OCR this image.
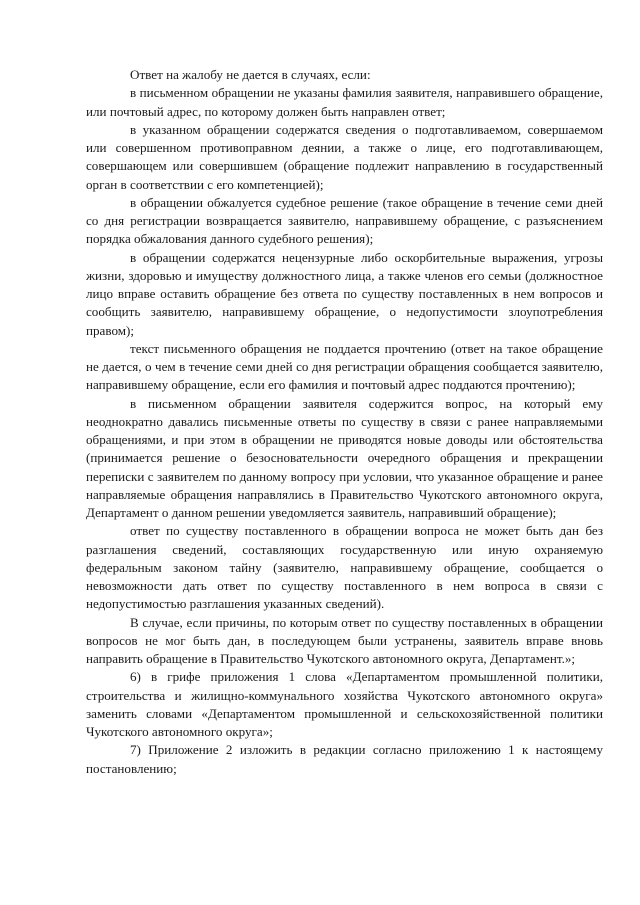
Ответ на жалобу не дается в случаях, если:

в письменном обращении не указаны фамилия заявителя, направившего обращение, или почтовый адрес, по которому должен быть направлен ответ;

в указанном обращении содержатся сведения о подготавливаемом, совершаемом или совершенном противоправном деянии, а также о лице, его подготавливающем, совершающем или совершившем (обращение подлежит направлению в государственный орган в соответствии с его компетенцией);

в обращении обжалуется судебное решение (такое обращение в течение семи дней со дня регистрации возвращается заявителю, направившему обращение, с разъяснением порядка обжалования данного судебного решения);

в обращении содержатся нецензурные либо оскорбительные выражения, угрозы жизни, здоровью и имуществу должностного лица, а также членов его семьи (должностное лицо вправе оставить обращение без ответа по существу поставленных в нем вопросов и сообщить заявителю, направившему обращение, о недопустимости злоупотребления правом);

текст письменного обращения не поддается прочтению (ответ на такое обращение не дается, о чем в течение семи дней со дня регистрации обращения сообщается заявителю, направившему обращение, если его фамилия и почтовый адрес поддаются прочтению);

в письменном обращении заявителя содержится вопрос, на который ему неоднократно давались письменные ответы по существу в связи с ранее направляемыми обращениями, и при этом в обращении не приводятся новые доводы или обстоятельства (принимается решение о безосновательности очередного обращения и прекращении переписки с заявителем по данному вопросу при условии, что указанное обращение и ранее направляемые обращения направлялись в Правительство Чукотского автономного округа, Департамент о данном решении уведомляется заявитель, направивший обращение);

ответ по существу поставленного в обращении вопроса не может быть дан без разглашения сведений, составляющих государственную или иную охраняемую федеральным законом тайну (заявителю, направившему обращение, сообщается о невозможности дать ответ по существу поставленного в нем вопроса в связи с недопустимостью разглашения указанных сведений).

В случае, если причины, по которым ответ по существу поставленных в обращении вопросов не мог быть дан, в последующем были устранены, заявитель вправе вновь направить обращение в Правительство Чукотского автономного округа, Департамент.»;

6) в грифе приложения 1 слова «Департаментом промышленной политики, строительства и жилищно-коммунального хозяйства Чукотского автономного округа» заменить словами «Департаментом промышленной и сельскохозяйственной политики Чукотского автономного округа»;

7) Приложение 2 изложить в редакции согласно приложению 1 к настоящему постановлению;
